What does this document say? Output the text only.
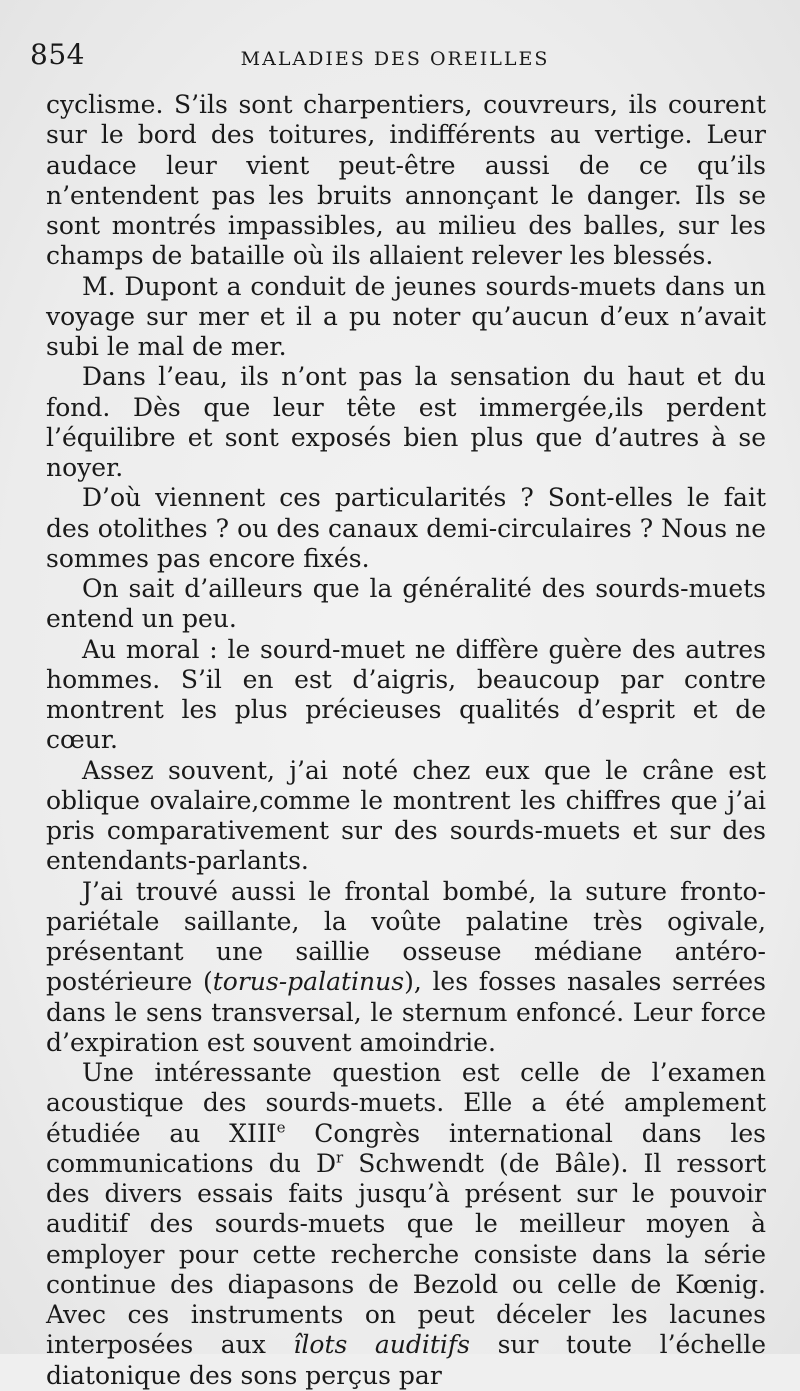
854	MALADIES DES OREILLES

cyclisme. S’ils sont charpentiers, couvreurs, ils courent sur le bord des toitures, indifférents au vertige. Leur audace leur vient peut-être aussi de ce qu’ils n’entendent pas les bruits annonçant le danger. Ils se sont montrés impassibles, au milieu des balles, sur les champs de bataille où ils allaient relever les blessés.

M. Dupont a conduit de jeunes sourds-muets dans un voyage sur mer et il a pu noter qu’aucun d’eux n’avait subi le mal de mer.

Dans l’eau, ils n’ont pas la sensation du haut et du fond. Dès que leur tête est immergée,ils perdent l’équilibre et sont exposés bien plus que d’autres à se noyer.

D’où viennent ces particularités ? Sont-elles le fait des otolithes ? ou des canaux demi-circulaires ? Nous ne sommes pas encore fixés.

On sait d’ailleurs que la généralité des sourds-muets entend un peu.

Au moral : le sourd-muet ne diffère guère des autres hommes. S’il en est d’aigris, beaucoup par contre montrent les plus précieuses qualités d’esprit et de cœur.

Assez souvent, j’ai noté chez eux que le crâne est oblique ovalaire,comme le montrent les chiffres que j’ai pris comparativement sur des sourds-muets et sur des entendants-parlants.

J’ai trouvé aussi le frontal bombé, la suture fronto-pariétale saillante, la voûte palatine très ogivale, présentant une saillie osseuse médiane antéro-postérieure (torus-palatinus), les fosses nasales serrées dans le sens transversal, le sternum enfoncé. Leur force d’expiration est souvent amoindrie.

Une intéressante question est celle de l’examen acoustique des sourds-muets. Elle a été amplement étudiée au XIIIe Congrès international dans les communications du $D^r$ Schwendt (de Bâle). Il ressort des divers essais faits jusqu’à présent sur le pouvoir auditif des sourds-muets que le meilleur moyen à employer pour cette recherche consiste dans la série continue des diapasons de Bezold ou celle de Kœnig. Avec ces instruments on peut déceler les lacunes interposées aux îlots auditifs sur toute l’échelle diatonique des sons perçus par
